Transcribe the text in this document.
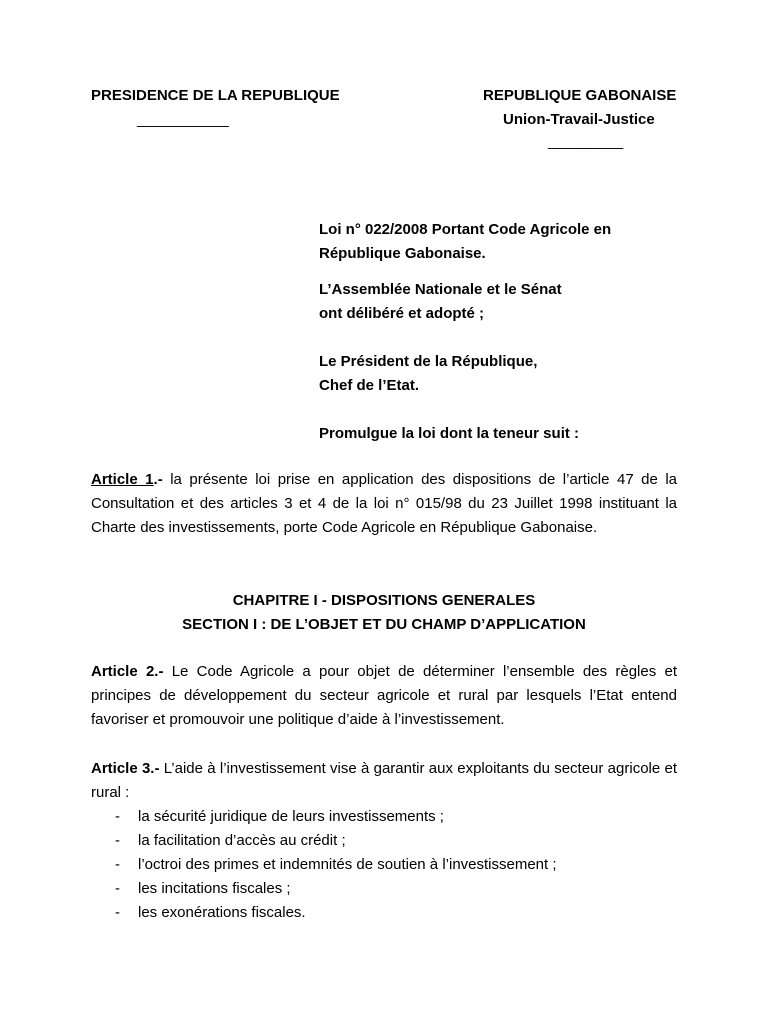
PRESIDENCE DE LA REPUBLIQUE
___________
REPUBLIQUE GABONAISE
Union-Travail-Justice
_________

Loi n° 022/2008 Portant Code Agricole en

République Gabonaise.

L’Assemblée Nationale et le Sénat

ont délibéré et adopté ;

Le Président de la République,

Chef de l’Etat.

Promulgue la loi dont la teneur suit :

Article 1.- la présente loi prise en application des dispositions de l’article 47 de la Consultation et des articles 3 et 4 de la loi n° 015/98 du 23 Juillet 1998 instituant la Charte des investissements, porte Code Agricole en République Gabonaise.

CHAPITRE I - DISPOSITIONS GENERALES
SECTION I : DE L’OBJET ET DU CHAMP D’APPLICATION

Article 2.- Le Code Agricole a pour objet de déterminer l’ensemble des règles et principes de développement du secteur agricole et rural par lesquels l’Etat entend favoriser et promouvoir une politique d’aide à l’investissement.

Article 3.- L’aide à l’investissement vise à garantir aux exploitants du secteur agricole et rural :

- la sécurité juridique de leurs investissements ;
- la facilitation d’accès au crédit ;
- l’octroi des primes et indemnités de soutien à l’investissement ;
- les incitations fiscales ;
- les exonérations fiscales.
